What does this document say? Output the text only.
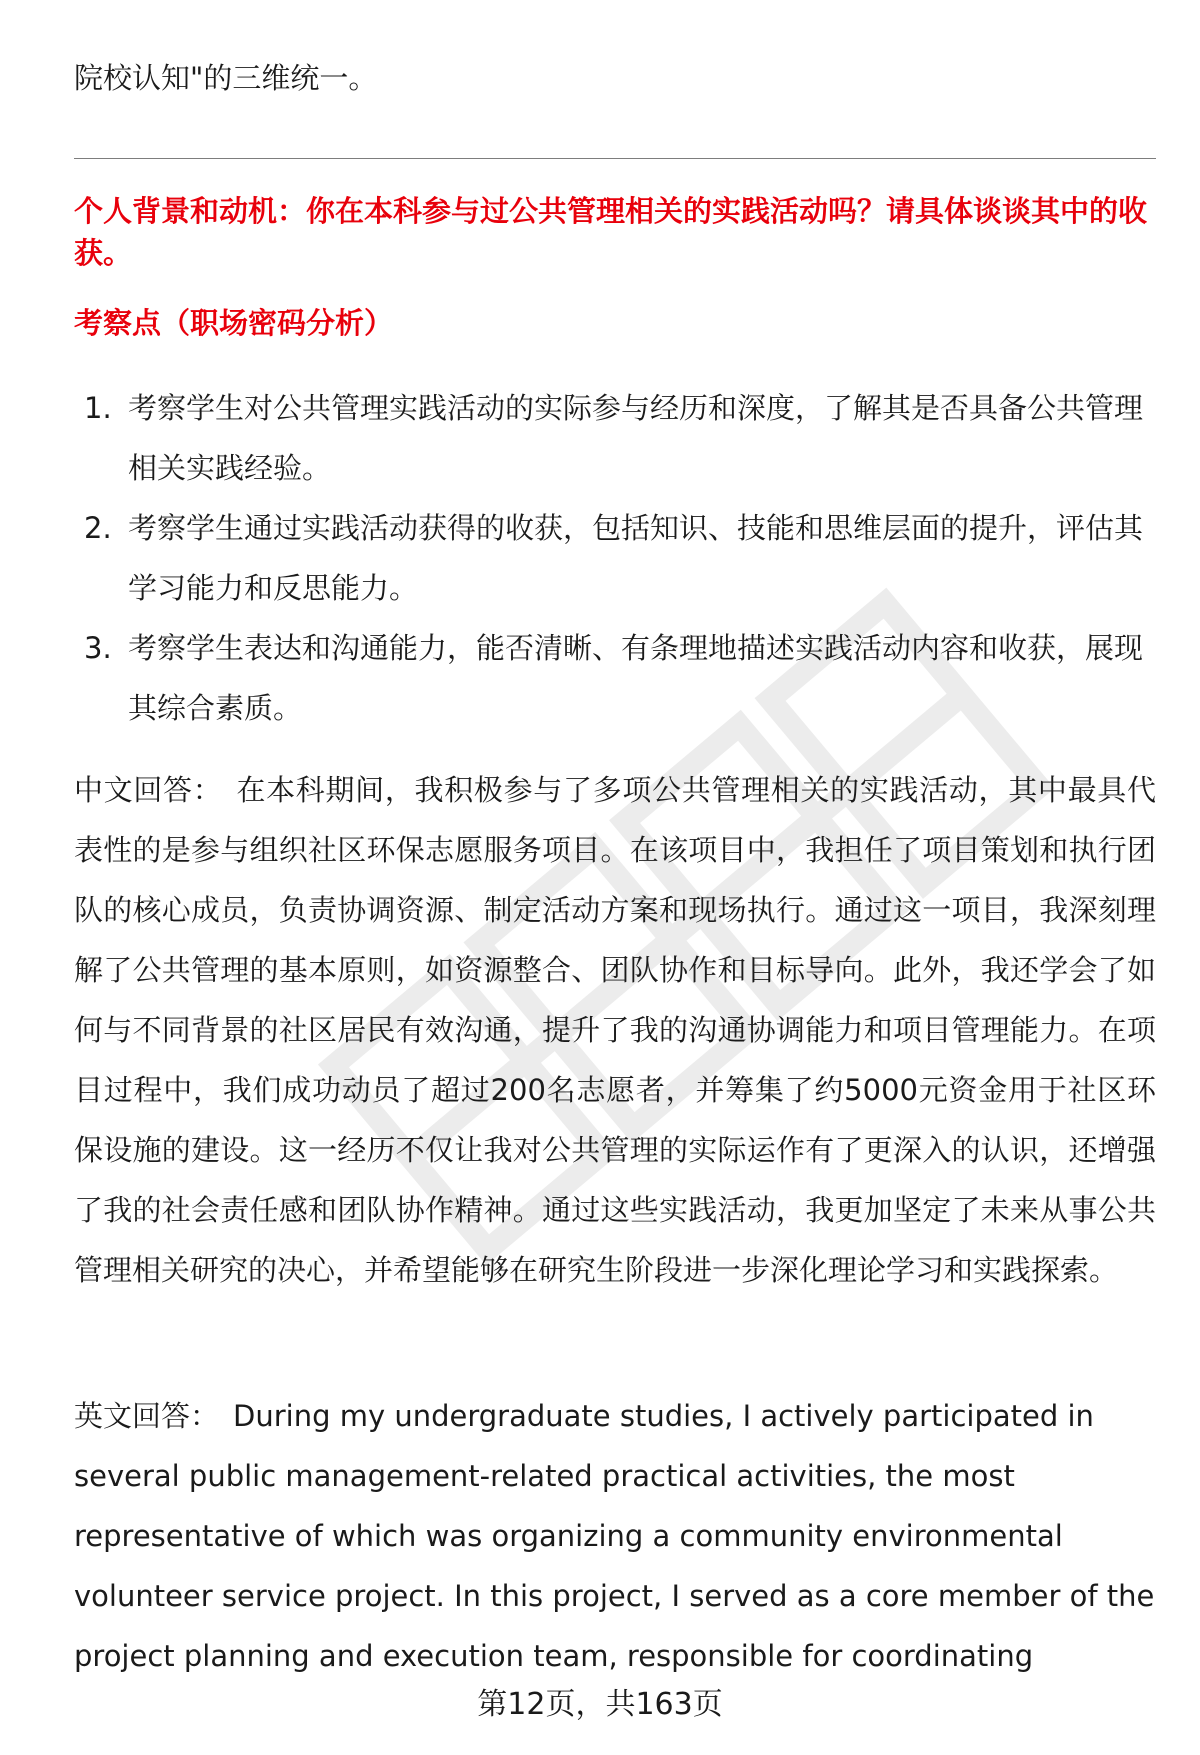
院校认知"的三维统一。

个人背景和动机：你在本科参与过公共管理相关的实践活动吗？请具体谈谈其中的收获。

考察点（职场密码分析）
1. 考察学生对公共管理实践活动的实际参与经历和深度，了解其是否具备公共管理相关实践经验。
2. 考察学生通过实践活动获得的收获，包括知识、技能和思维层面的提升，评估其学习能力和反思能力。
3. 考察学生表达和沟通能力，能否清晰、有条理地描述实践活动内容和收获，展现其综合素质。

中文回答： 在本科期间，我积极参与了多项公共管理相关的实践活动，其中最具代表性的是参与组织社区环保志愿服务项目。在该项目中，我担任了项目策划和执行团队的核心成员，负责协调资源、制定活动方案和现场执行。通过这一项目，我深刻理解了公共管理的基本原则，如资源整合、团队协作和目标导向。此外，我还学会了如何与不同背景的社区居民有效沟通，提升了我的沟通协调能力和项目管理能力。在项目过程中，我们成功动员了超过200名志愿者，并筹集了约5000元资金用于社区环保设施的建设。这一经历不仅让我对公共管理的实际运作有了更深入的认识，还增强了我的社会责任感和团队协作精神。通过这些实践活动，我更加坚定了未来从事公共管理相关研究的决心，并希望能够在研究生阶段进一步深化理论学习和实践探索。

英文回答： During my undergraduate studies, I actively participated in several public management-related practical activities, the most representative of which was organizing a community environmental volunteer service project. In this project, I served as a core member of the project planning and execution team, responsible for coordinating

第12页，共163页
